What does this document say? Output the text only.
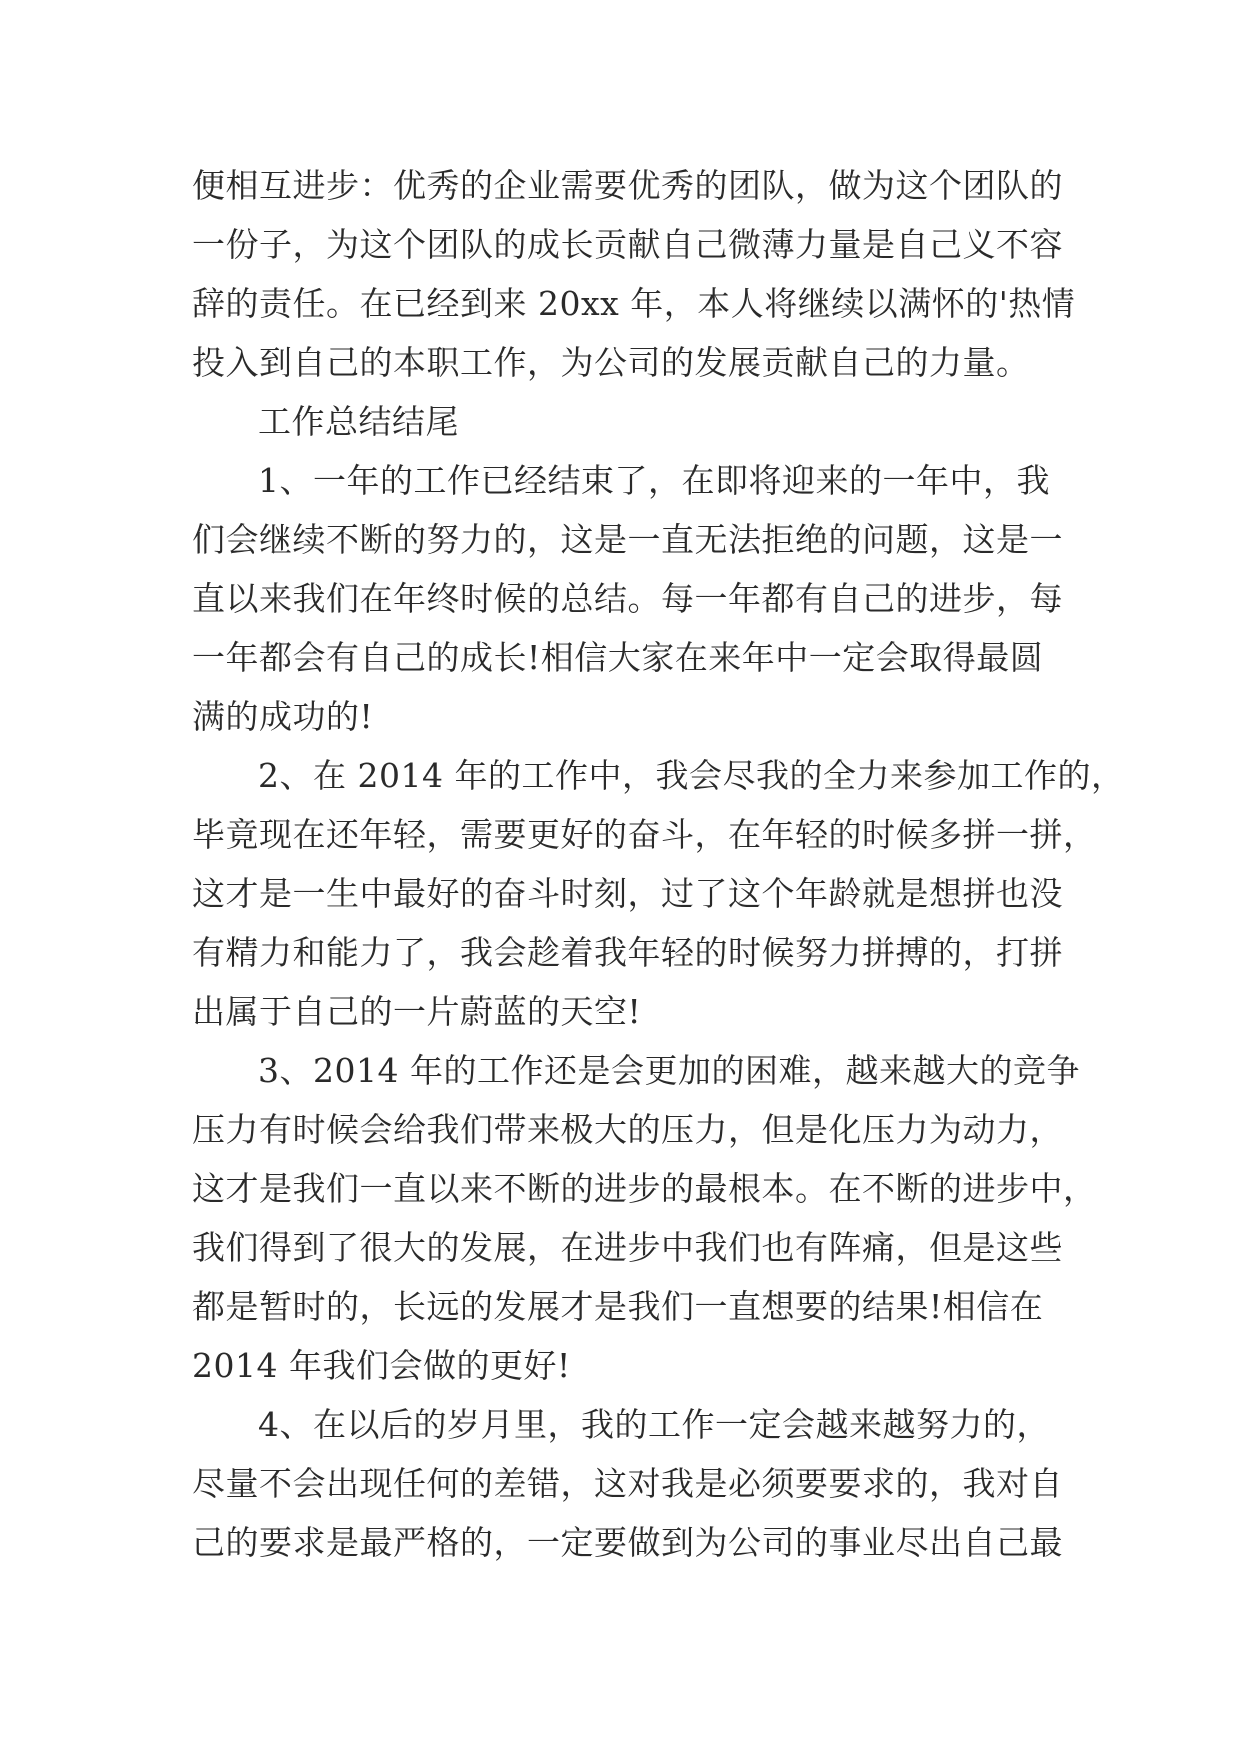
便相互进步：优秀的企业需要优秀的团队，做为这个团队的
一份子，为这个团队的成长贡献自己微薄力量是自己义不容
辞的责任。在已经到来 20xx 年，本人将继续以满怀的'热情
投入到自己的本职工作，为公司的发展贡献自己的力量。
工作总结结尾
1、一年的工作已经结束了，在即将迎来的一年中，我
们会继续不断的努力的，这是一直无法拒绝的问题，这是一
直以来我们在年终时候的总结。每一年都有自己的进步，每
一年都会有自己的成长!相信大家在来年中一定会取得最圆
满的成功的!
2、在 2014 年的工作中，我会尽我的全力来参加工作的，
毕竟现在还年轻，需要更好的奋斗，在年轻的时候多拼一拼，
这才是一生中最好的奋斗时刻，过了这个年龄就是想拼也没
有精力和能力了，我会趁着我年轻的时候努力拼搏的，打拼
出属于自己的一片蔚蓝的天空!
3、2014 年的工作还是会更加的困难，越来越大的竞争
压力有时候会给我们带来极大的压力，但是化压力为动力，
这才是我们一直以来不断的进步的最根本。在不断的进步中，
我们得到了很大的发展，在进步中我们也有阵痛，但是这些
都是暂时的，长远的发展才是我们一直想要的结果!相信在
2014 年我们会做的更好!
4、在以后的岁月里，我的工作一定会越来越努力的，
尽量不会出现任何的差错，这对我是必须要要求的，我对自
己的要求是最严格的，一定要做到为公司的事业尽出自己最
